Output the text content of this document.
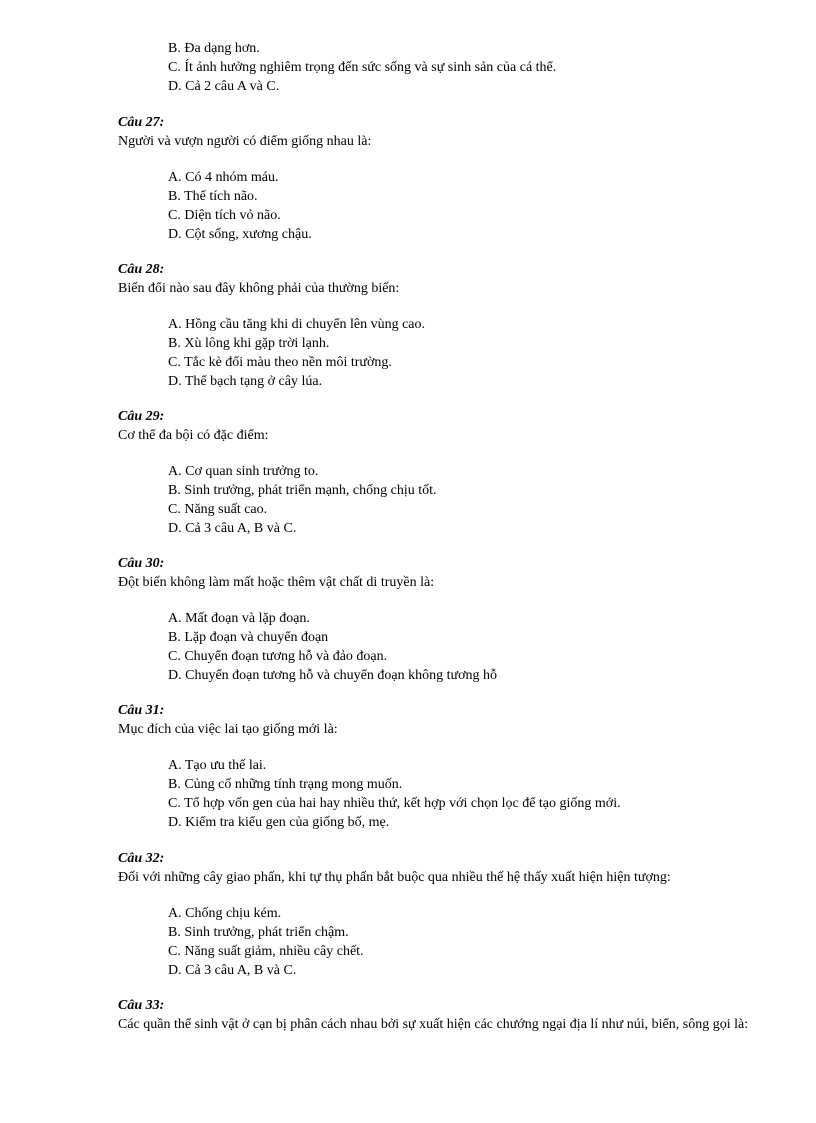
B. Đa dạng hơn.
C. Ít ảnh hưởng nghiêm trọng đến sức sống và sự sinh sản của cá thể.
D. Cả 2 câu A và C.
Câu 27:
Người và vượn người có điểm giống nhau là:
A. Có 4 nhóm máu.
B. Thể tích não.
C. Diện tích vỏ não.
D. Cột sống, xương chậu.
Câu 28:
Biến đổi nào sau đây không phải của thường biến:
A. Hồng cầu tăng khi di chuyển lên vùng cao.
B. Xù lông khi gặp trời lạnh.
C. Tắc kè đổi màu theo nền môi trường.
D. Thể bạch tạng ở cây lúa.
Câu 29:
Cơ thể đa bội có đặc điểm:
A. Cơ quan sinh trưởng to.
B. Sinh trưởng, phát triển mạnh, chống chịu tốt.
C. Năng suất cao.
D. Cả 3 câu A, B và C.
Câu 30:
Đột biến không làm mất hoặc thêm vật chất di truyền là:
A. Mất đoạn và lặp đoạn.
B. Lặp đoạn và chuyển đoạn
C. Chuyển đoạn tương hỗ và đảo đoạn.
D. Chuyển đoạn tương hỗ và chuyển đoạn không tương hỗ
Câu 31:
Mục đích của việc lai tạo giống mới là:
A. Tạo ưu thế lai.
B. Củng cố những tính trạng mong muốn.
C. Tổ hợp vốn gen của hai hay nhiều thứ, kết hợp với chọn lọc để tạo giống mới.
D. Kiểm tra kiểu gen của giống bố, mẹ.
Câu 32:
Đối với những cây giao phấn, khi tự thụ phấn bắt buộc qua nhiều thế hệ thấy xuất hiện hiện tượng:
A. Chống chịu kém.
B. Sinh trưởng, phát triển chậm.
C. Năng suất giảm, nhiều cây chết.
D. Cả 3 câu A, B và C.
Câu 33:
Các quần thể sinh vật ở cạn bị phân cách nhau bởi sự xuất hiện các chướng ngại địa lí như núi, biển, sông gọi là:
